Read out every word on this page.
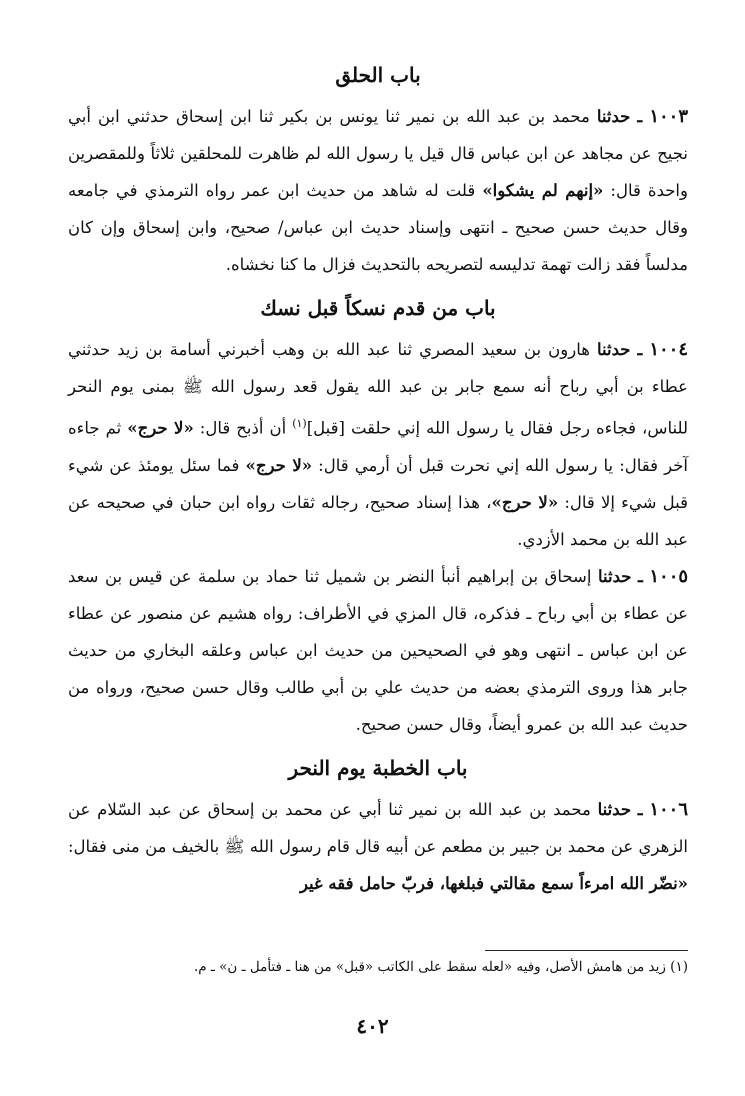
باب الحلق

١٠٠٣ ـ حدثنا محمد بن عبد الله بن نمير ثنا يونس بن بكير ثنا ابن إسحاق حدثني ابن أبي نجيح عن مجاهد عن ابن عباس قال قيل يا رسول الله لم ظاهرت للمحلقين ثلاثاً وللمقصرين واحدة قال: «إنهم لم يشكوا» قلت له شاهد من حديث ابن عمر رواه الترمذي في جامعه وقال حديث حسن صحيح ـ انتهى وإسناد حديث ابن عباس/ صحيح، وابن إسحاق وإن كان مدلساً فقد زالت تهمة تدليسه لتصريحه بالتحديث فزال ما كنا نخشاه.

باب من قدم نسكاً قبل نسك

١٠٠٤ ـ حدثنا هارون بن سعيد المصري ثنا عبد الله بن وهب أخبرني أسامة بن زيد حدثني عطاء بن أبي رباح أنه سمع جابر بن عبد الله يقول قعد رسول الله ﷺ بمنى يوم النحر للناس، فجاءه رجل فقال يا رسول الله إني حلقت [قبل]$^{(١)}$ أن أذبح قال: «لا حرج» ثم جاءه آخر فقال: يا رسول الله إني نحرت قبل أن أرمي قال: «لا حرج» فما سئل يومئذ عن شيء قبل شيء إلا قال: «لا حرج»، هذا إسناد صحيح، رجاله ثقات رواه ابن حبان في صحيحه عن عبد الله بن محمد الأزدي.

١٠٠٥ ـ حدثنا إسحاق بن إبراهيم أنبأ النضر بن شميل ثنا حماد بن سلمة عن قيس بن سعد عن عطاء بن أبي رباح ـ فذكره، قال المزي في الأطراف: رواه هشيم عن منصور عن عطاء عن ابن عباس ـ انتهى وهو في الصحيحين من حديث ابن عباس وعلقه البخاري من حديث جابر هذا وروى الترمذي بعضه من حديث علي بن أبي طالب وقال حسن صحيح، ورواه من حديث عبد الله بن عمرو أيضاً، وقال حسن صحيح.

باب الخطبة يوم النحر

١٠٠٦ ـ حدثنا محمد بن عبد الله بن نمير ثنا أبي عن محمد بن إسحاق عن عبد السّلام عن الزهري عن محمد بن جبير بن مطعم عن أبيه قال قام رسول الله ﷺ بالخيف من منى فقال: «نضّر الله امرءاً سمع مقالتي فبلغها، فربّ حامل فقه غير

(١) زيد من هامش الأصل، وفيه «لعله سقط على الكاتب «قبل» من هنا ـ فتأمل ـ ن» ـ م.
٤٠٢
